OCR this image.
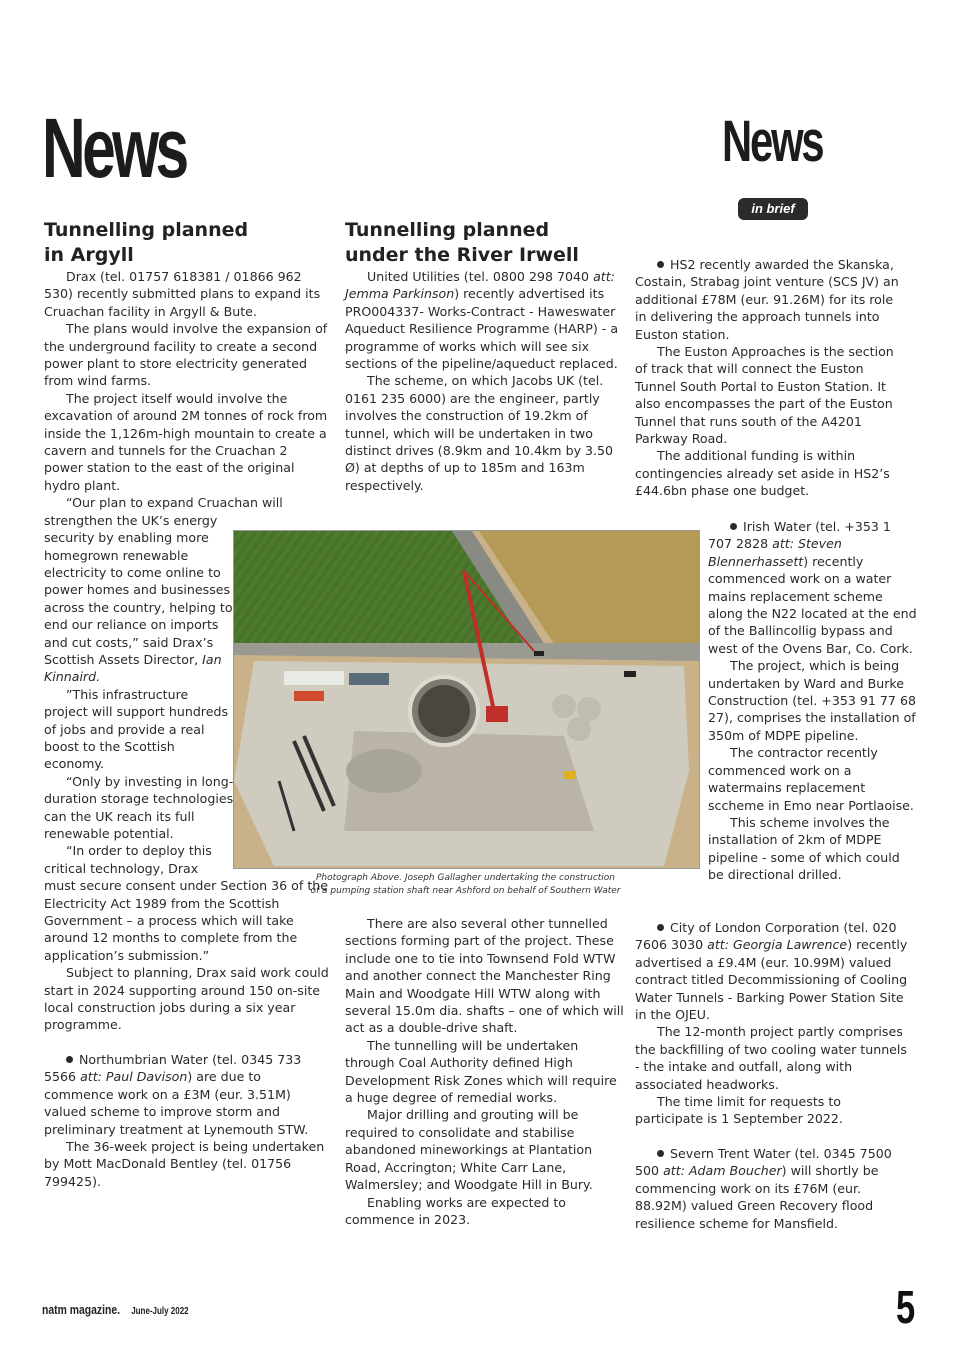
News	News
in brief
Tunnelling planned
in Argyll

Drax (tel. 01757 618381 / 01866 962 530) recently submitted plans to expand its Cruachan facility in Argyll & Bute.

The plans would involve the expansion of the underground facility to create a second power plant to store electricity generated from wind farms.

The project itself would involve the excavation of around 2M tonnes of rock from inside the 1,126m-high mountain to create a cavern and tunnels for the Cruachan 2 power station to the east of the original hydro plant.

“Our plan to expand Cruachan will

strengthen the UK’s energy security by enabling more homegrown renewable electricity to come online to power homes and businesses across the country, helping to end our reliance on imports and cut costs,” said Drax’s Scottish Assets Director, Ian Kinnaird.

”This infrastructure project will support hundreds of jobs and provide a real boost to the Scottish economy.

“Only by investing in long-duration storage technologies can the UK reach its full renewable potential.

“In order to deploy this critical technology, Drax

must secure consent under Section 36 of the Electricity Act 1989 from the Scottish Government – a process which will take around 12 months to complete from the application’s submission.”

Subject to planning, Drax said work could start in 2024 supporting around 150 on-site local construction jobs during a six year programme.

Northumbrian Water (tel. 0345 733 5566 att: Paul Davison) are due to commence work on a £3M (eur. 3.51M) valued scheme to improve storm and preliminary treatment at Lynemouth STW.

The 36-week project is being undertaken by Mott MacDonald Bentley (tel. 01756 799425).

Tunnelling planned
under the River Irwell

United Utilities (tel. 0800 298 7040 att: Jemma Parkinson) recently advertised its PRO004337- Works-Contract - Haweswater Aqueduct Resilience Programme (HARP) - a programme of works which will see six sections of the pipeline/aqueduct replaced.

The scheme, on which Jacobs UK (tel. 0161 235 6000) are the engineer, partly involves the construction of 19.2km of tunnel, which will be undertaken in two distinct drives (8.9km and 10.4km by 3.50 Ø) at depths of up to 185m and 163m respectively.

There are also several other tunnelled sections forming part of the project. These include one to tie into Townsend Fold WTW and another connect the Manchester Ring Main and Woodgate Hill WTW along with several 15.0m dia. shafts – one of which will act as a double-drive shaft.

The tunnelling will be undertaken through Coal Authority defined High Development Risk Zones which will require a huge degree of remedial works.

Major drilling and grouting will be required to consolidate and stabilise abandoned mineworkings at Plantation Road, Accrington; White Carr Lane, Walmersley; and Woodgate Hill in Bury.

Enabling works are expected to commence in 2023.

HS2 recently awarded the Skanska, Costain, Strabag joint venture (SCS JV) an additional £78M (eur. 91.26M) for its role in delivering the approach tunnels into Euston station.

The Euston Approaches is the section of track that will connect the Euston Tunnel South Portal to Euston Station. It also encompasses the part of the Euston Tunnel that runs south of the A4201 Parkway Road.

The additional funding is within contingencies already set aside in HS2’s £44.6bn phase one budget.

Irish Water (tel. +353 1 707 2828 att: Steven Blennerhassett) recently commenced work on a water mains replacement scheme along the N22 located at the end of the Ballincollig bypass and west of the Ovens Bar, Co. Cork.

The project, which is being undertaken by Ward and Burke Construction (tel. +353 91 77 68 27), comprises the installation of 350m of MDPE pipeline.

The contractor recently commenced work on a watermains replacement sccheme in Emo near Portlaoise.

This scheme involves the installation of 2km of MDPE pipeline - some of which could be directional drilled.

City of London Corporation (tel. 020 7606 3030 att: Georgia Lawrence) recently advertised a £9.4M (eur. 10.99M) valued contract titled Decommissioning of Cooling Water Tunnels - Barking Power Station Site in the OJEU.

The 12-month project partly comprises the backfilling of two cooling water tunnels - the intake and outfall, along with associated headworks.

The time limit for requests to participate is 1 September 2022.

Severn Trent Water (tel. 0345 7500 500 att: Adam Boucher) will shortly be commencing work on its £76M (eur. 88.92M) valued Green Recovery flood resilience scheme for Mansfield.

Photograph Above. Joseph Gallagher undertaking the construction
of a pumping station shaft near Ashford on behalf of Southern Water
natm magazine. June-July 2022	5
